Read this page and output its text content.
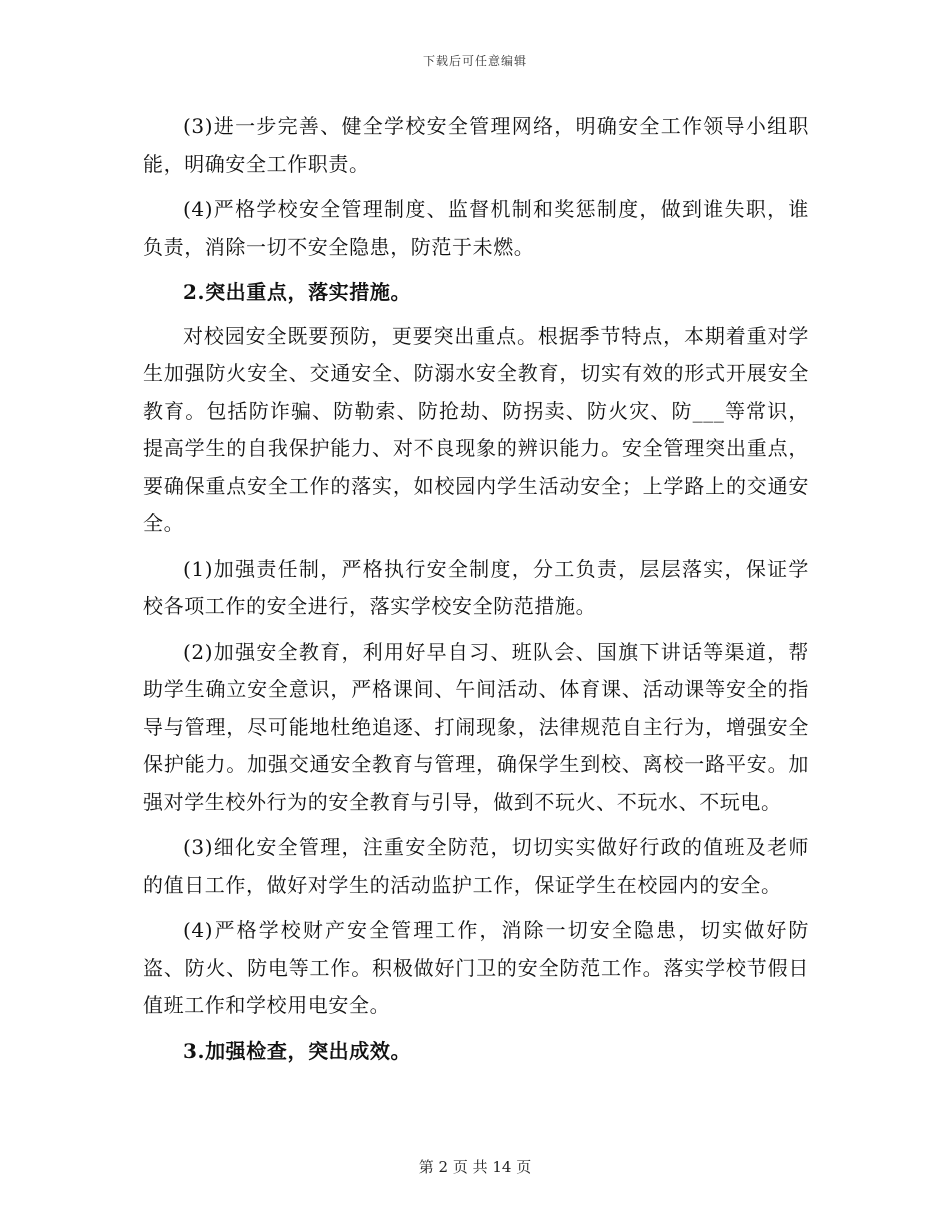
下载后可任意编辑

(3)进一步完善、健全学校安全管理网络，明确安全工作领导小组职能，明确安全工作职责。

(4)严格学校安全管理制度、监督机制和奖惩制度，做到谁失职，谁负责，消除一切不安全隐患，防范于未燃。

2.突出重点，落实措施。

对校园安全既要预防，更要突出重点。根据季节特点，本期着重对学生加强防火安全、交通安全、防溺水安全教育，切实有效的形式开展安全教育。包括防诈骗、防勒索、防抢劫、防拐卖、防火灾、防___等常识，提高学生的自我保护能力、对不良现象的辨识能力。安全管理突出重点，要确保重点安全工作的落实，如校园内学生活动安全；上学路上的交通安全。

(1)加强责任制，严格执行安全制度，分工负责，层层落实，保证学校各项工作的安全进行，落实学校安全防范措施。

(2)加强安全教育，利用好早自习、班队会、国旗下讲话等渠道，帮助学生确立安全意识，严格课间、午间活动、体育课、活动课等安全的指导与管理，尽可能地杜绝追逐、打闹现象，法律规范自主行为，增强安全保护能力。加强交通安全教育与管理，确保学生到校、离校一路平安。加强对学生校外行为的安全教育与引导，做到不玩火、不玩水、不玩电。

(3)细化安全管理，注重安全防范，切切实实做好行政的值班及老师的值日工作，做好对学生的活动监护工作，保证学生在校园内的安全。

(4)严格学校财产安全管理工作，消除一切安全隐患，切实做好防盗、防火、防电等工作。积极做好门卫的安全防范工作。落实学校节假日值班工作和学校用电安全。

3.加强检查，突出成效。

第 2 页 共 14 页
